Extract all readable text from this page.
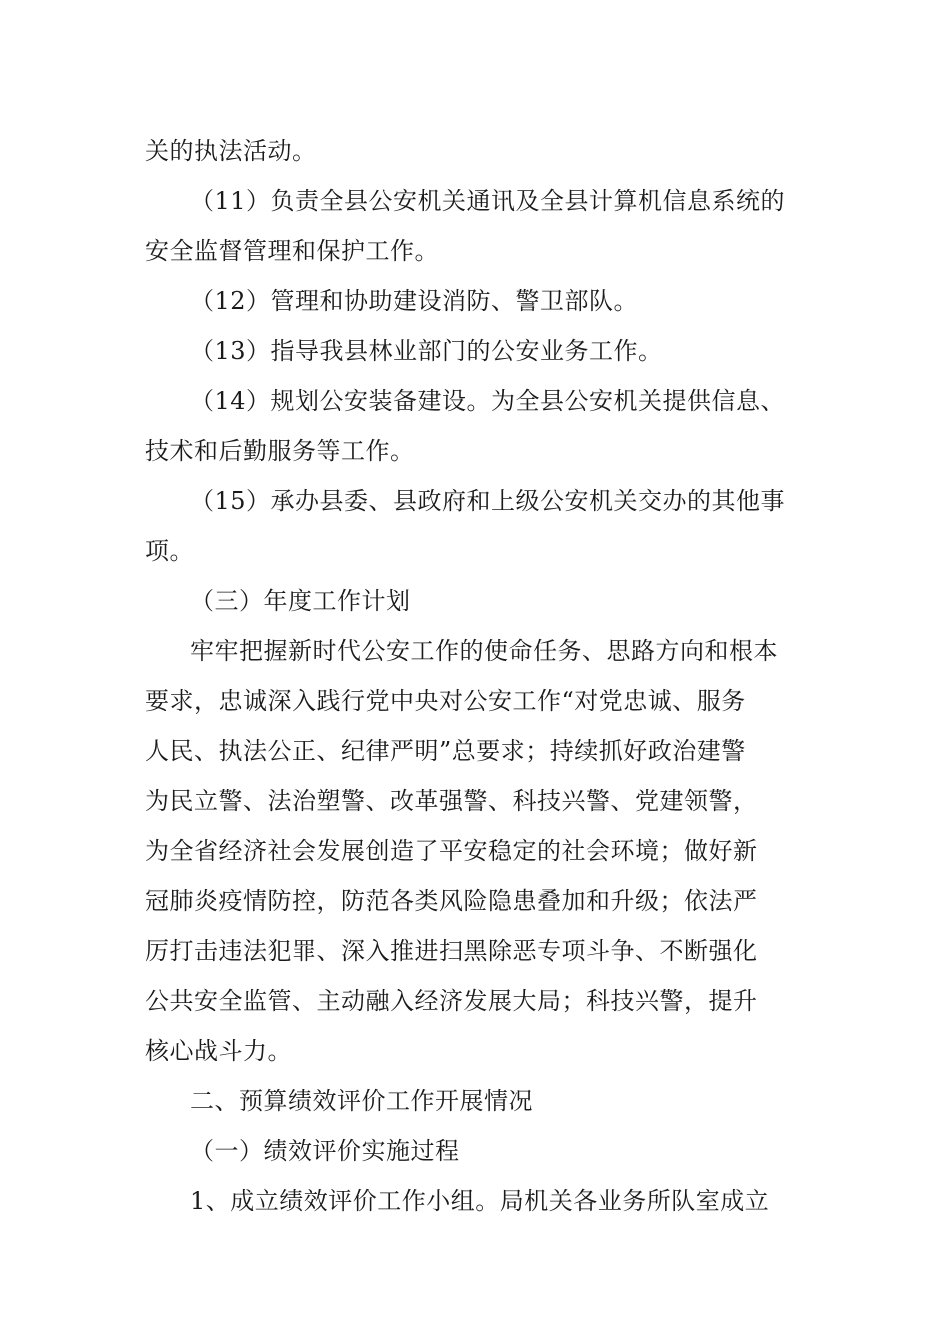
关的执法活动。
（11）负责全县公安机关通讯及全县计算机信息系统的
安全监督管理和保护工作。
（12）管理和协助建设消防、警卫部队。
（13）指导我县林业部门的公安业务工作。
（14）规划公安装备建设。为全县公安机关提供信息、
技术和后勤服务等工作。
（15）承办县委、县政府和上级公安机关交办的其他事
项。
（三）年度工作计划
牢牢把握新时代公安工作的使命任务、思路方向和根本
要求，忠诚深入践行党中央对公安工作“对党忠诚、服务
人民、执法公正、纪律严明”总要求；持续抓好政治建警
为民立警、法治塑警、改革强警、科技兴警、党建领警，
为全省经济社会发展创造了平安稳定的社会环境；做好新
冠肺炎疫情防控，防范各类风险隐患叠加和升级；依法严
厉打击违法犯罪、深入推进扫黑除恶专项斗争、不断强化
公共安全监管、主动融入经济发展大局；科技兴警，提升
核心战斗力。
二、预算绩效评价工作开展情况
（一）绩效评价实施过程
1、成立绩效评价工作小组。局机关各业务所队室成立
